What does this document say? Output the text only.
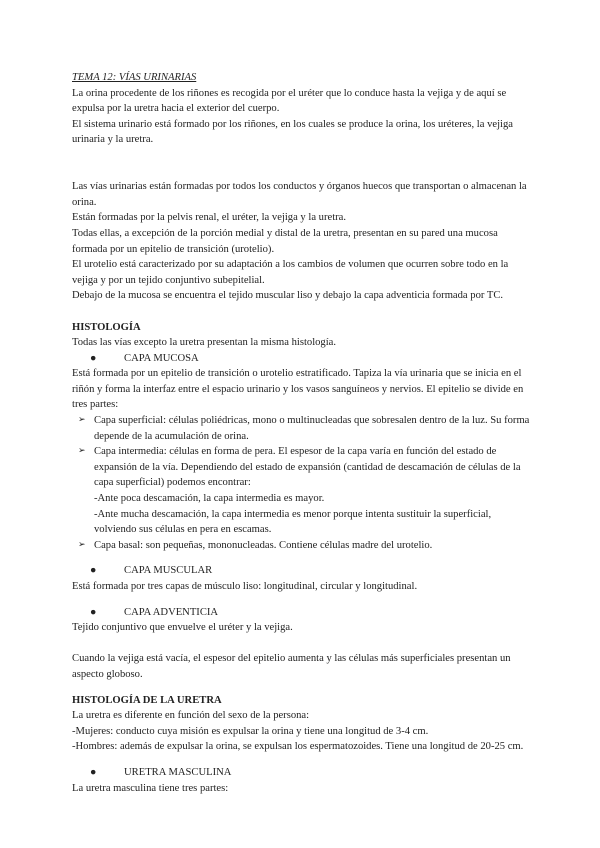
TEMA 12: VÍAS URINARIAS

La orina procedente de los riñones es recogida por el uréter que lo conduce hasta la vejiga y de aquí se expulsa por la uretra hacia el exterior del cuerpo.

El sistema urinario está formado por los riñones, en los cuales se produce la orina, los uréteres, la vejiga urinaria y la uretra.

Las vías urinarias están formadas por todos los conductos y órganos huecos que transportan o almacenan la orina.

Están formadas por la pelvis renal, el uréter, la vejiga y la uretra.

Todas ellas, a excepción de la porción medial y distal de la uretra, presentan en su pared una mucosa formada por un epitelio de transición (urotelio).

El urotelio está caracterizado por su adaptación a los cambios de volumen que ocurren sobre todo en la vejiga y por un tejido conjuntivo subepitelial.

Debajo de la mucosa se encuentra el tejido muscular liso y debajo la capa adventicia formada por TC.

HISTOLOGÍA

Todas las vías excepto la uretra presentan la misma histología.

●	CAPA MUCOSA

Está formada por un epitelio de transición o urotelio estratificado. Tapiza la vía urinaria que se inicia en el riñón y forma la interfaz entre el espacio urinario y los vasos sanguíneos y nervios. El epitelio se divide en tres partes:

➢ Capa superficial: células poliédricas, mono o multinucleadas que sobresalen dentro de la luz. Su forma depende de la acumulación de orina.

➢ Capa intermedia: células en forma de pera. El espesor de la capa varía en función del estado de expansión de la vía. Dependiendo del estado de expansión (cantidad de descamación de células de la capa superficial) podemos encontrar:
-Ante poca descamación, la capa intermedia es mayor.
-Ante mucha descamación, la capa intermedia es menor porque intenta sustituir la superficial, volviendo sus células en pera en escamas.

➢ Capa basal: son pequeñas, mononucleadas. Contiene células madre del urotelio.

●	CAPA MUSCULAR

Está formada por tres capas de músculo liso: longitudinal, circular y longitudinal.

●	CAPA ADVENTICIA

Tejido conjuntivo que envuelve el uréter y la vejiga.

Cuando la vejiga está vacía, el espesor del epitelio aumenta y las células más superficiales presentan un aspecto globoso.

HISTOLOGÍA DE LA URETRA

La uretra es diferente en función del sexo de la persona:

-Mujeres: conducto cuya misión es expulsar la orina y tiene una longitud de 3-4 cm.

-Hombres: además de expulsar la orina, se expulsan los espermatozoides. Tiene una longitud de 20-25 cm.

●	URETRA MASCULINA

La uretra masculina tiene tres partes:
